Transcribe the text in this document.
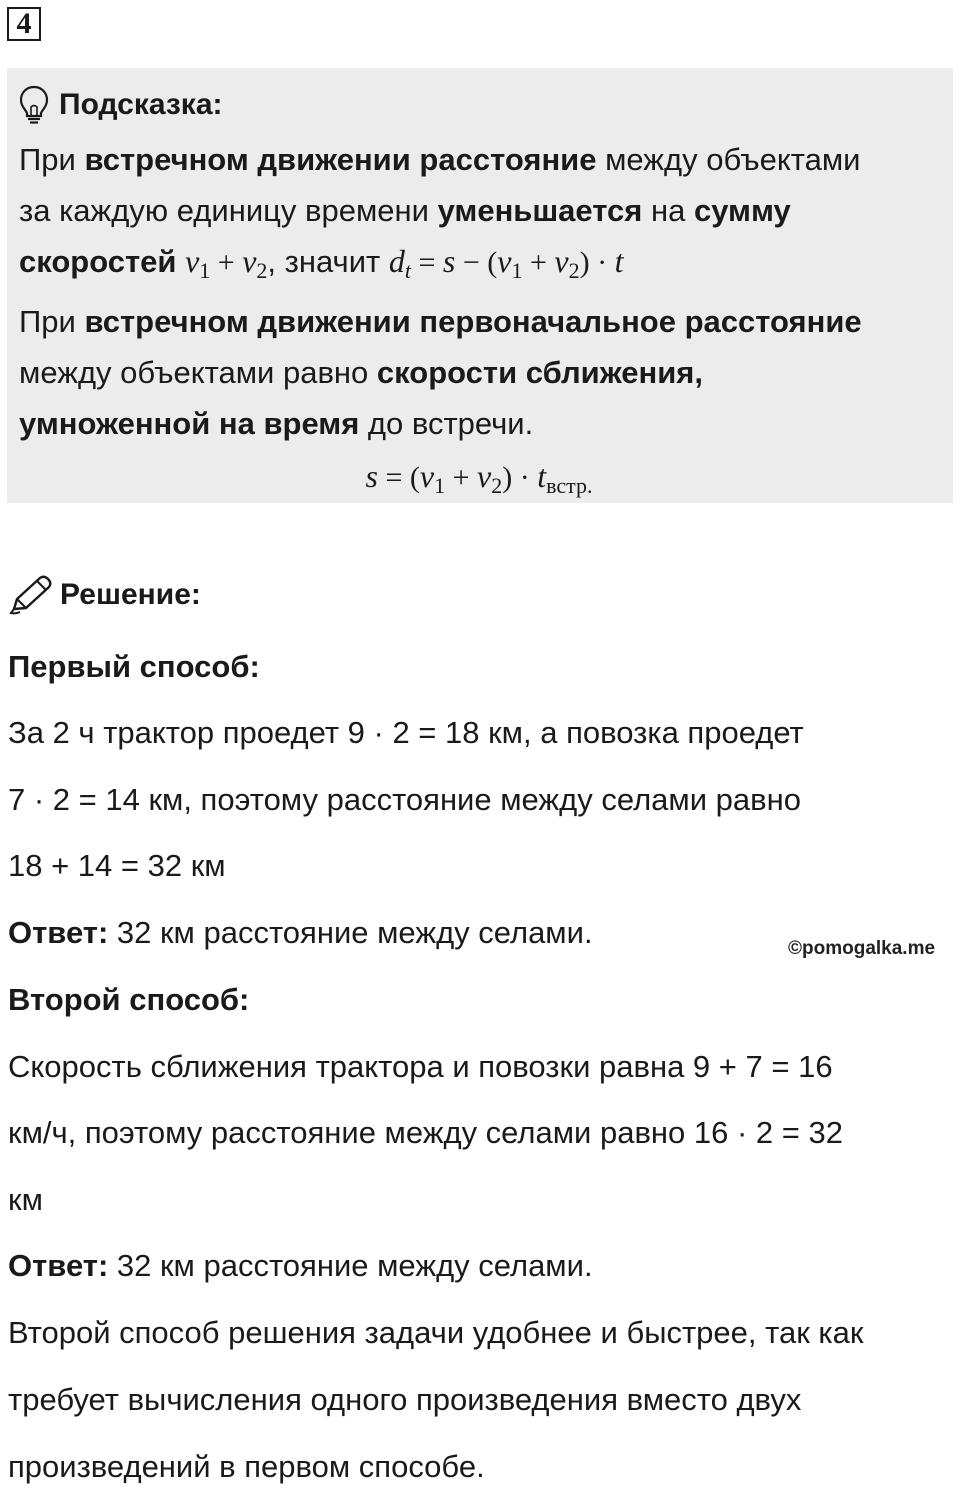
4
Подсказка:
При встречном движении расстояние между объектами
за каждую единицу времени уменьшается на сумму
скоростей $v_1 + v_2$, значит $d_t = s - (v_1 + v_2) \cdot t$
При встречном движении первоначальное расстояние
между объектами равно скорости сближения,
умноженной на время до встречи.
$s = (v_1 + v_2) \cdot t_{встр.}$
Решение:
Первый способ:
За 2 ч трактор проедет 9 · 2 = 18 км, а повозка проедет
7 · 2 = 14 км, поэтому расстояние между селами равно
18 + 14 = 32 км
Ответ: 32 км расстояние между селами.	©pomogalka.me
Второй способ:
Скорость сближения трактора и повозки равна 9 + 7 = 16
км/ч, поэтому расстояние между селами равно 16 · 2 = 32
км
Ответ: 32 км расстояние между селами.
Второй способ решения задачи удобнее и быстрее, так как
требует вычисления одного произведения вместо двух
произведений в первом способе.
